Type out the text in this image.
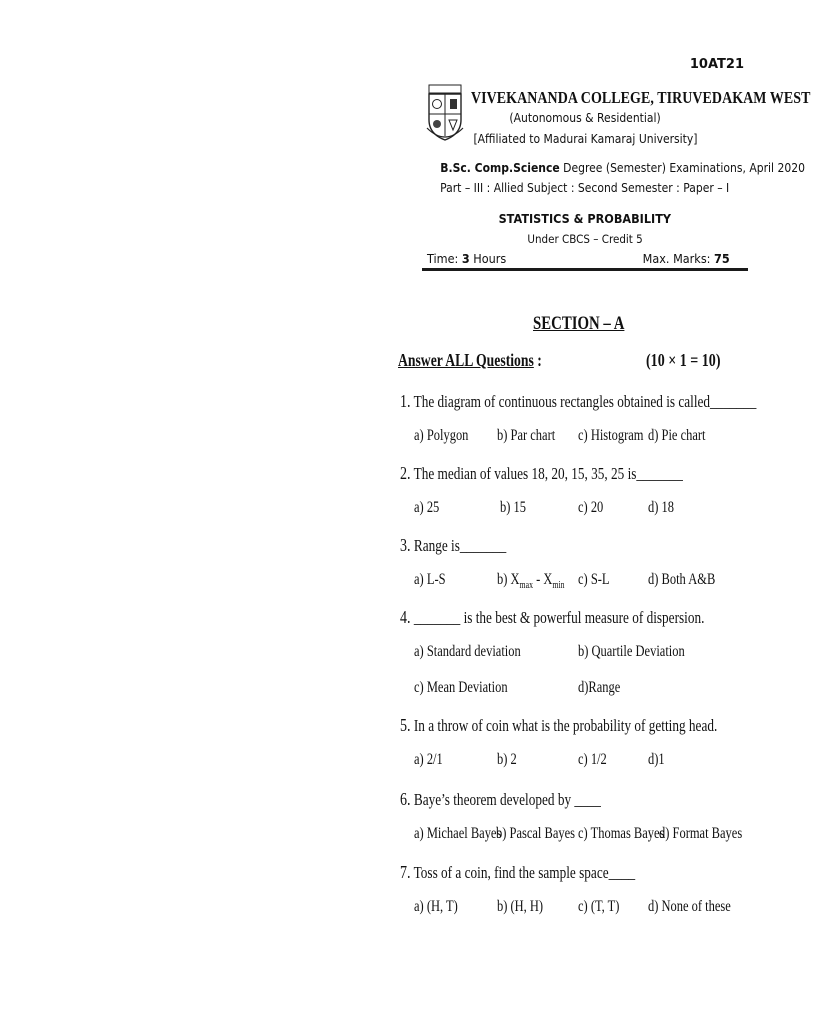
10AT21
VIVEKANANDA COLLEGE, TIRUVEDAKAM WEST
(Autonomous & Residential)
[Affiliated to Madurai Kamaraj University]
B.Sc. Comp.Science Degree (Semester) Examinations, April 2020
Part – III : Allied Subject : Second Semester : Paper – I
STATISTICS & PROBABILITY
Under CBCS – Credit 5
Time: 3 Hours	Max. Marks: 75
SECTION – A
Answer ALL Questions :	(10 × 1 = 10)
1. The diagram of continuous rectangles obtained is called_______
a) Polygon b) Par chart c) Histogram d) Pie chart
2. The median of values 18, 20, 15, 35, 25 is_______
a) 25	b) 15	c) 20	d) 18
3. Range is_______
a) L-S	b) $X_{max} - X_{min}$ c) S-L d) Both A&B
4. _______ is the best & powerful measure of dispersion.
a) Standard deviation	b) Quartile Deviation
c) Mean Deviation	d)Range
5. In a throw of coin what is the probability of getting head.
a) 2/1	b) 2	c) 1/2	d)1
6. Baye’s theorem developed by ____
a) Michael Bayes
b) Pascal Bayes c) Thomas Bayes
d) Format Bayes
7. Toss of a coin, find the sample space____
a) (H, T) b) (H, H) c) (T, T) d) None of these
